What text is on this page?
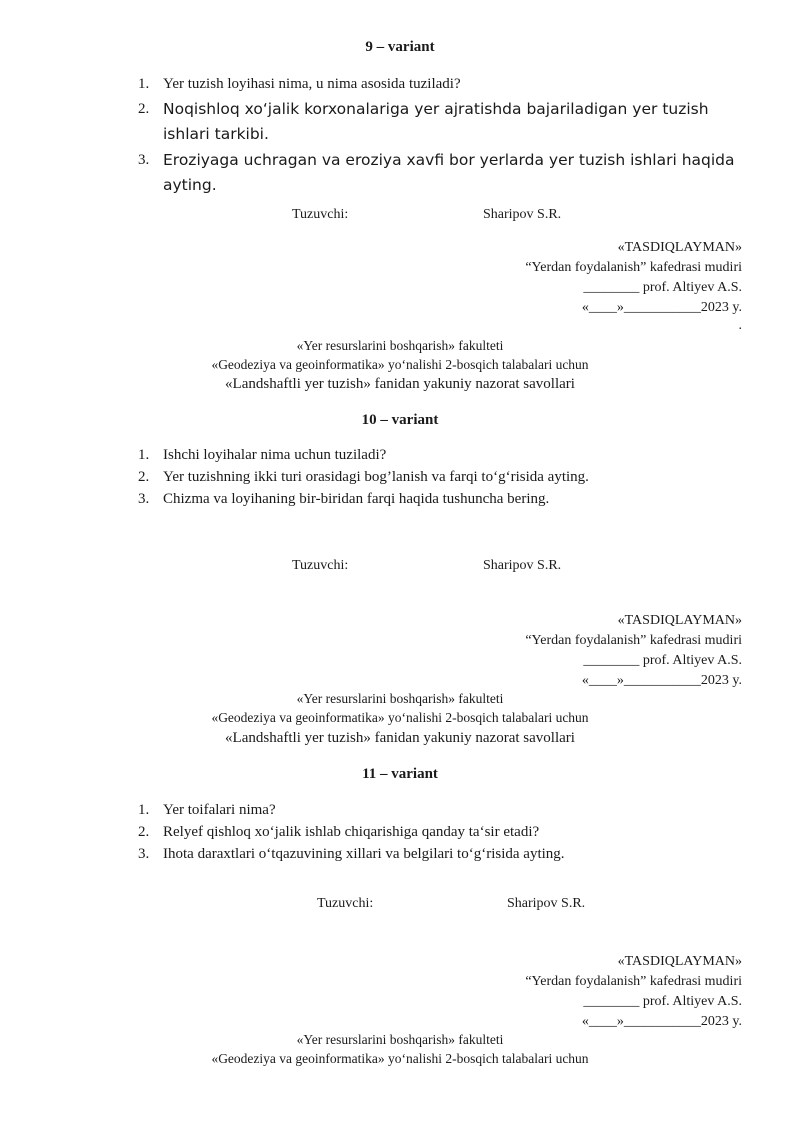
9 – variant
1. Yer tuzish loyihasi nima, u nima asosida tuziladi?
2. Noqishloq xo‘jalik korxonalariga yer ajratishda bajariladigan yer tuzish ishlari tarkibi.
3. Eroziyaga uchragan va eroziya xavfi bor yerlarda yer tuzish ishlari haqida aytіng.
Tuzuvchi:	Sharipov S.R.
«TASDIQLAYMAN»
“Yerdan foydalanish” kafedrasi mudiri
________ prof. Altiyev A.S.
«____»___________2023 y.
.
«Yer resurslarini boshqarish» fakulteti
«Geodeziya va geoinformatika» yo‘nalishi 2-bosqich talabalari uchun
«Landshaftli yer tuzish» fanidan yakuniy nazorat savollari
10 – variant
1. Ishchi loyihalar nima uchun tuziladi?
2. Yer tuzishning ikki turi orasidagi bog’lanish va farqi to‘g‘risida ayting.
3. Chizma va loyihaning bir-biridan farqi haqida tushuncha bering.
Tuzuvchi:	Sharipov S.R.
«TASDIQLAYMAN»
“Yerdan foydalanish” kafedrasi mudiri
________ prof. Altiyev A.S.
«____»___________2023 y.
«Yer resurslarini boshqarish» fakulteti
«Geodeziya va geoinformatika» yo‘nalishi 2-bosqich talabalari uchun
«Landshaftli yer tuzish» fanidan yakuniy nazorat savollari
11 – variant
1. Yer toifalari nima?
2. Relyef qishloq xo‘jalik ishlab chiqarishiga qanday ta‘sir etadi?
3. Ihota daraxtlari o‘tqazuvining xillari va belgilari to‘g‘risida ayting.
Tuzuvchi:	Sharipov S.R.
«TASDIQLAYMAN»
“Yerdan foydalanish” kafedrasi mudiri
________ prof. Altiyev A.S.
«____»___________2023 y.
«Yer resurslarini boshqarish» fakulteti
«Geodeziya va geoinformatika» yo‘nalishi 2-bosqich talabalari uchun
